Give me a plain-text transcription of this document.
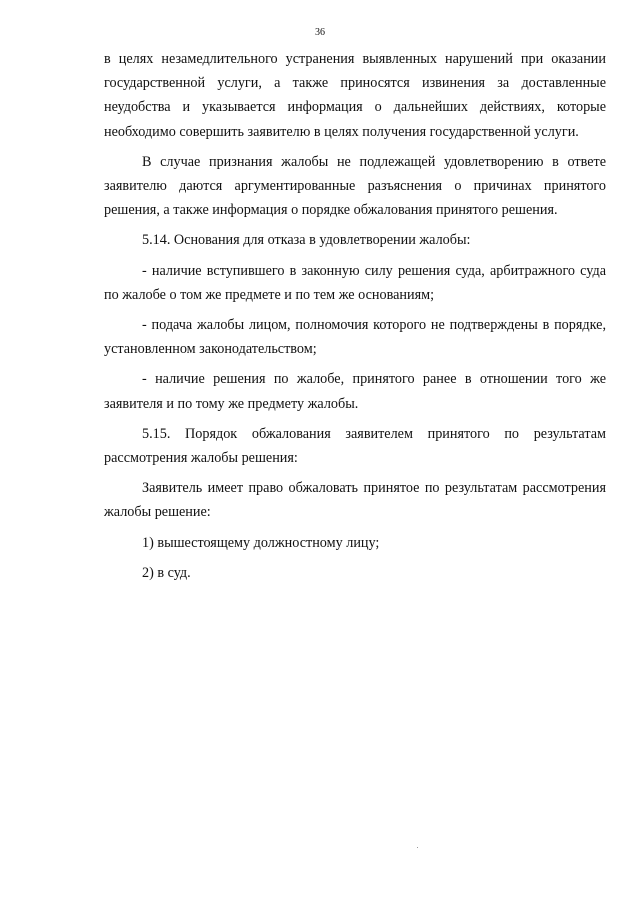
36

в целях незамедлительного устранения выявленных нарушений при оказании государственной услуги, а также приносятся извинения за доставленные неудобства и указывается информация о дальнейших действиях, которые необходимо совершить заявителю в целях получения государственной услуги.

В случае признания жалобы не подлежащей удовлетворению в ответе заявителю даются аргументированные разъяснения о причинах принятого решения, а также информация о порядке обжалования принятого решения.

5.14. Основания для отказа в удовлетворении жалобы:

- наличие вступившего в законную силу решения суда, арбитражного суда по жалобе о том же предмете и по тем же основаниям;

- подача жалобы лицом, полномочия которого не подтверждены в порядке, установленном законодательством;

- наличие решения по жалобе, принятого ранее в отношении того же заявителя и по тому же предмету жалобы.

5.15. Порядок обжалования заявителем принятого по результатам рассмотрения жалобы решения:

Заявитель имеет право обжаловать принятое по результатам рассмотрения жалобы решение:

1) вышестоящему должностному лицу;

2) в суд.
